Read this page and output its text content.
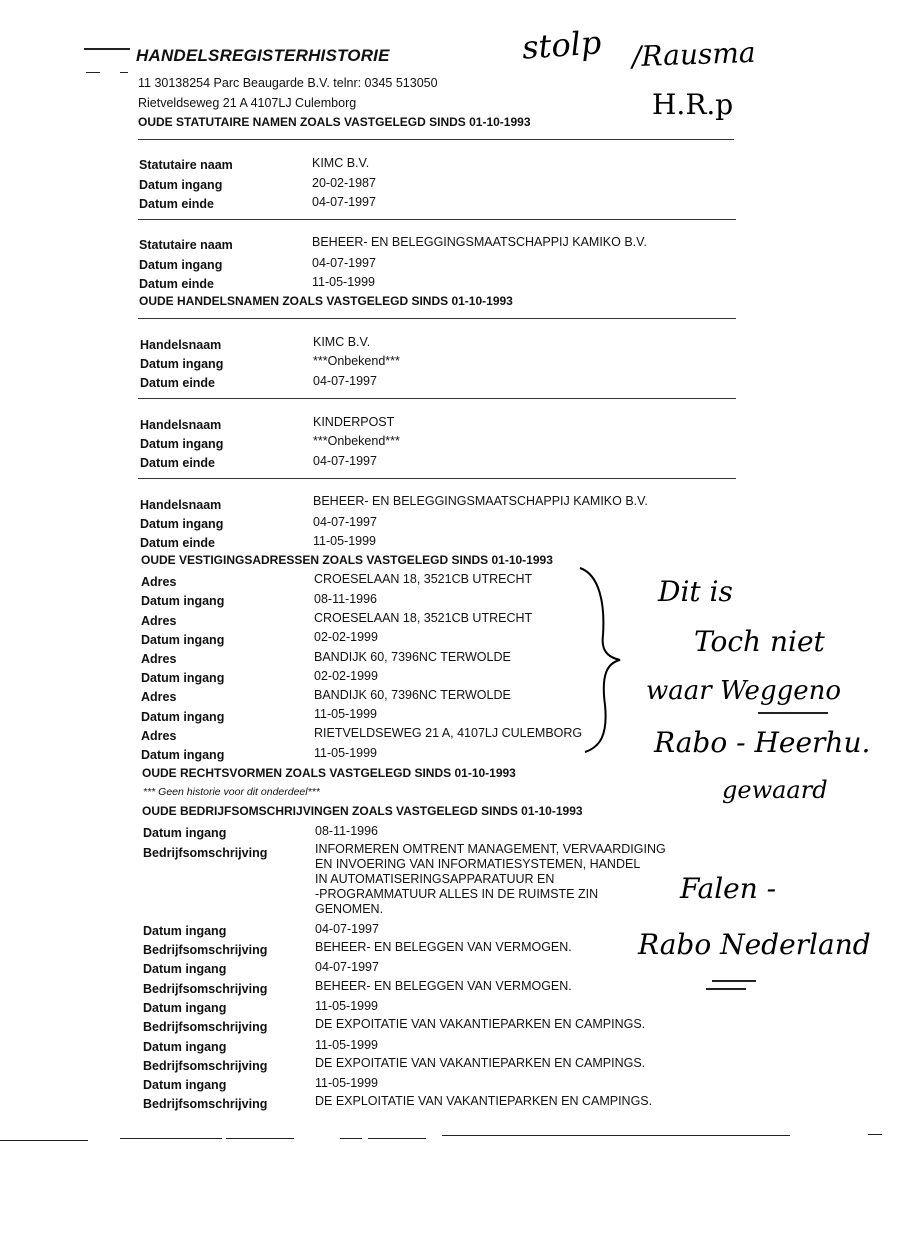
HANDELSREGISTERHISTORIE
11 30138254 Parc Beaugarde B.V. telnr: 0345 513050
Rietveldseweg 21 A 4107LJ Culemborg
OUDE STATUTAIRE NAMEN ZOALS VASTGELEGD SINDS 01-10-1993
Statutaire naam	KIMC B.V.
Datum ingang	20-02-1987
Datum einde	04-07-1997
Statutaire naam	BEHEER- EN BELEGGINGSMAATSCHAPPIJ KAMIKO B.V.
Datum ingang	04-07-1997
Datum einde	11-05-1999
OUDE HANDELSNAMEN ZOALS VASTGELEGD SINDS 01-10-1993
Handelsnaam	KIMC B.V.
Datum ingang	***Onbekend***
Datum einde	04-07-1997
Handelsnaam	KINDERPOST
Datum ingang	***Onbekend***
Datum einde	04-07-1997
Handelsnaam	BEHEER- EN BELEGGINGSMAATSCHAPPIJ KAMIKO B.V.
Datum ingang	04-07-1997
Datum einde	11-05-1999
OUDE VESTIGINGSADRESSEN ZOALS VASTGELEGD SINDS 01-10-1993
Adres	CROESELAAN 18, 3521CB UTRECHT
Datum ingang	08-11-1996
Adres	CROESELAAN 18, 3521CB UTRECHT
Datum ingang	02-02-1999
Adres	BANDIJK 60, 7396NC TERWOLDE
Datum ingang	02-02-1999
Adres	BANDIJK 60, 7396NC TERWOLDE
Datum ingang	11-05-1999
Adres	RIETVELDSEWEG 21 A, 4107LJ CULEMBORG
Datum ingang	11-05-1999
OUDE RECHTSVORMEN ZOALS VASTGELEGD SINDS 01-10-1993
*** Geen historie voor dit onderdeel***
OUDE BEDRIJFSOMSCHRIJVINGEN ZOALS VASTGELEGD SINDS 01-10-1993
Datum ingang	08-11-1996
Bedrijfsomschrijving	INFORMEREN OMTRENT MANAGEMENT, VERVAARDIGING
EN INVOERING VAN INFORMATIESYSTEMEN, HANDEL
IN AUTOMATISERINGSAPPARATUUR EN
-PROGRAMMATUUR ALLES IN DE RUIMSTE ZIN
GENOMEN.
Datum ingang	04-07-1997
Bedrijfsomschrijving	BEHEER- EN BELEGGEN VAN VERMOGEN.
Datum ingang	04-07-1997
Bedrijfsomschrijving	BEHEER- EN BELEGGEN VAN VERMOGEN.
Datum ingang	11-05-1999
Bedrijfsomschrijving	DE EXPOITATIE VAN VAKANTIEPARKEN EN CAMPINGS.
Datum ingang	11-05-1999
Bedrijfsomschrijving	DE EXPOITATIE VAN VAKANTIEPARKEN EN CAMPINGS.
Datum ingang	11-05-1999
Bedrijfsomschrijving	DE EXPLOITATIE VAN VAKANTIEPARKEN EN CAMPINGS.
stolp /Rausma
H.R.p
Dit is
Toch niet
waar Weggeno
Rabo - Heerhu.
gewaard
Falen -
Rabo Nederland
